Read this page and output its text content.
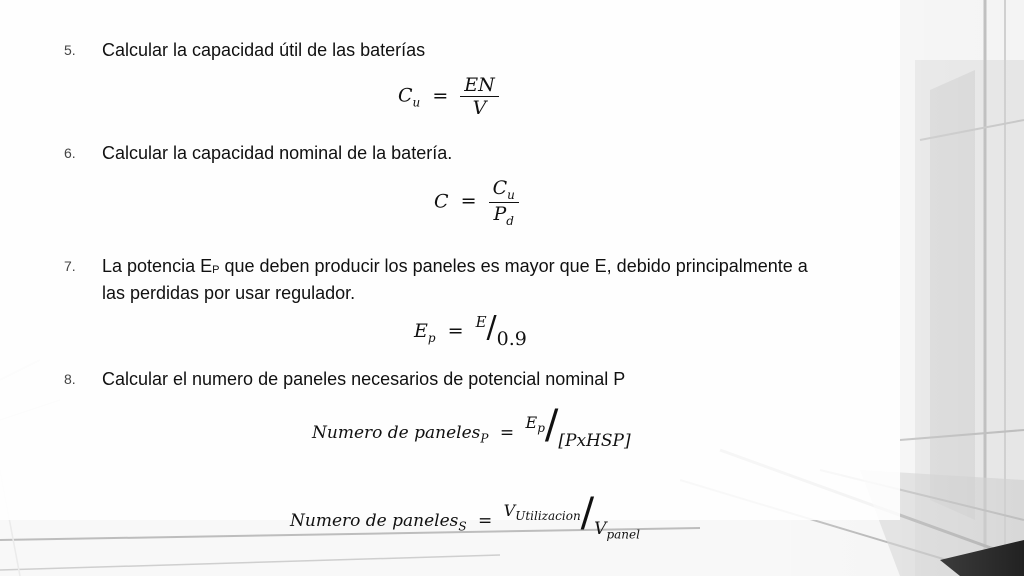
5.	Calcular la capacidad útil de las baterías
$C_u = \frac{EN}{V}$
6.	Calcular la capacidad nominal de la batería.
$C = \frac{C_u}{P_d}$
7.	La potencia EP que deben producir los paneles es mayor que E, debido principalmente a
las perdidas por usar regulador.
$E_p = ^E/0.9$
8.	Calcular el numero de paneles necesarios de potencial nominal P
Numero de paneles$_P$ = $E_p/[PxHSP]$
Numero de paneles$_S$ = $V_{Utilizacion}/V_{panel}$
